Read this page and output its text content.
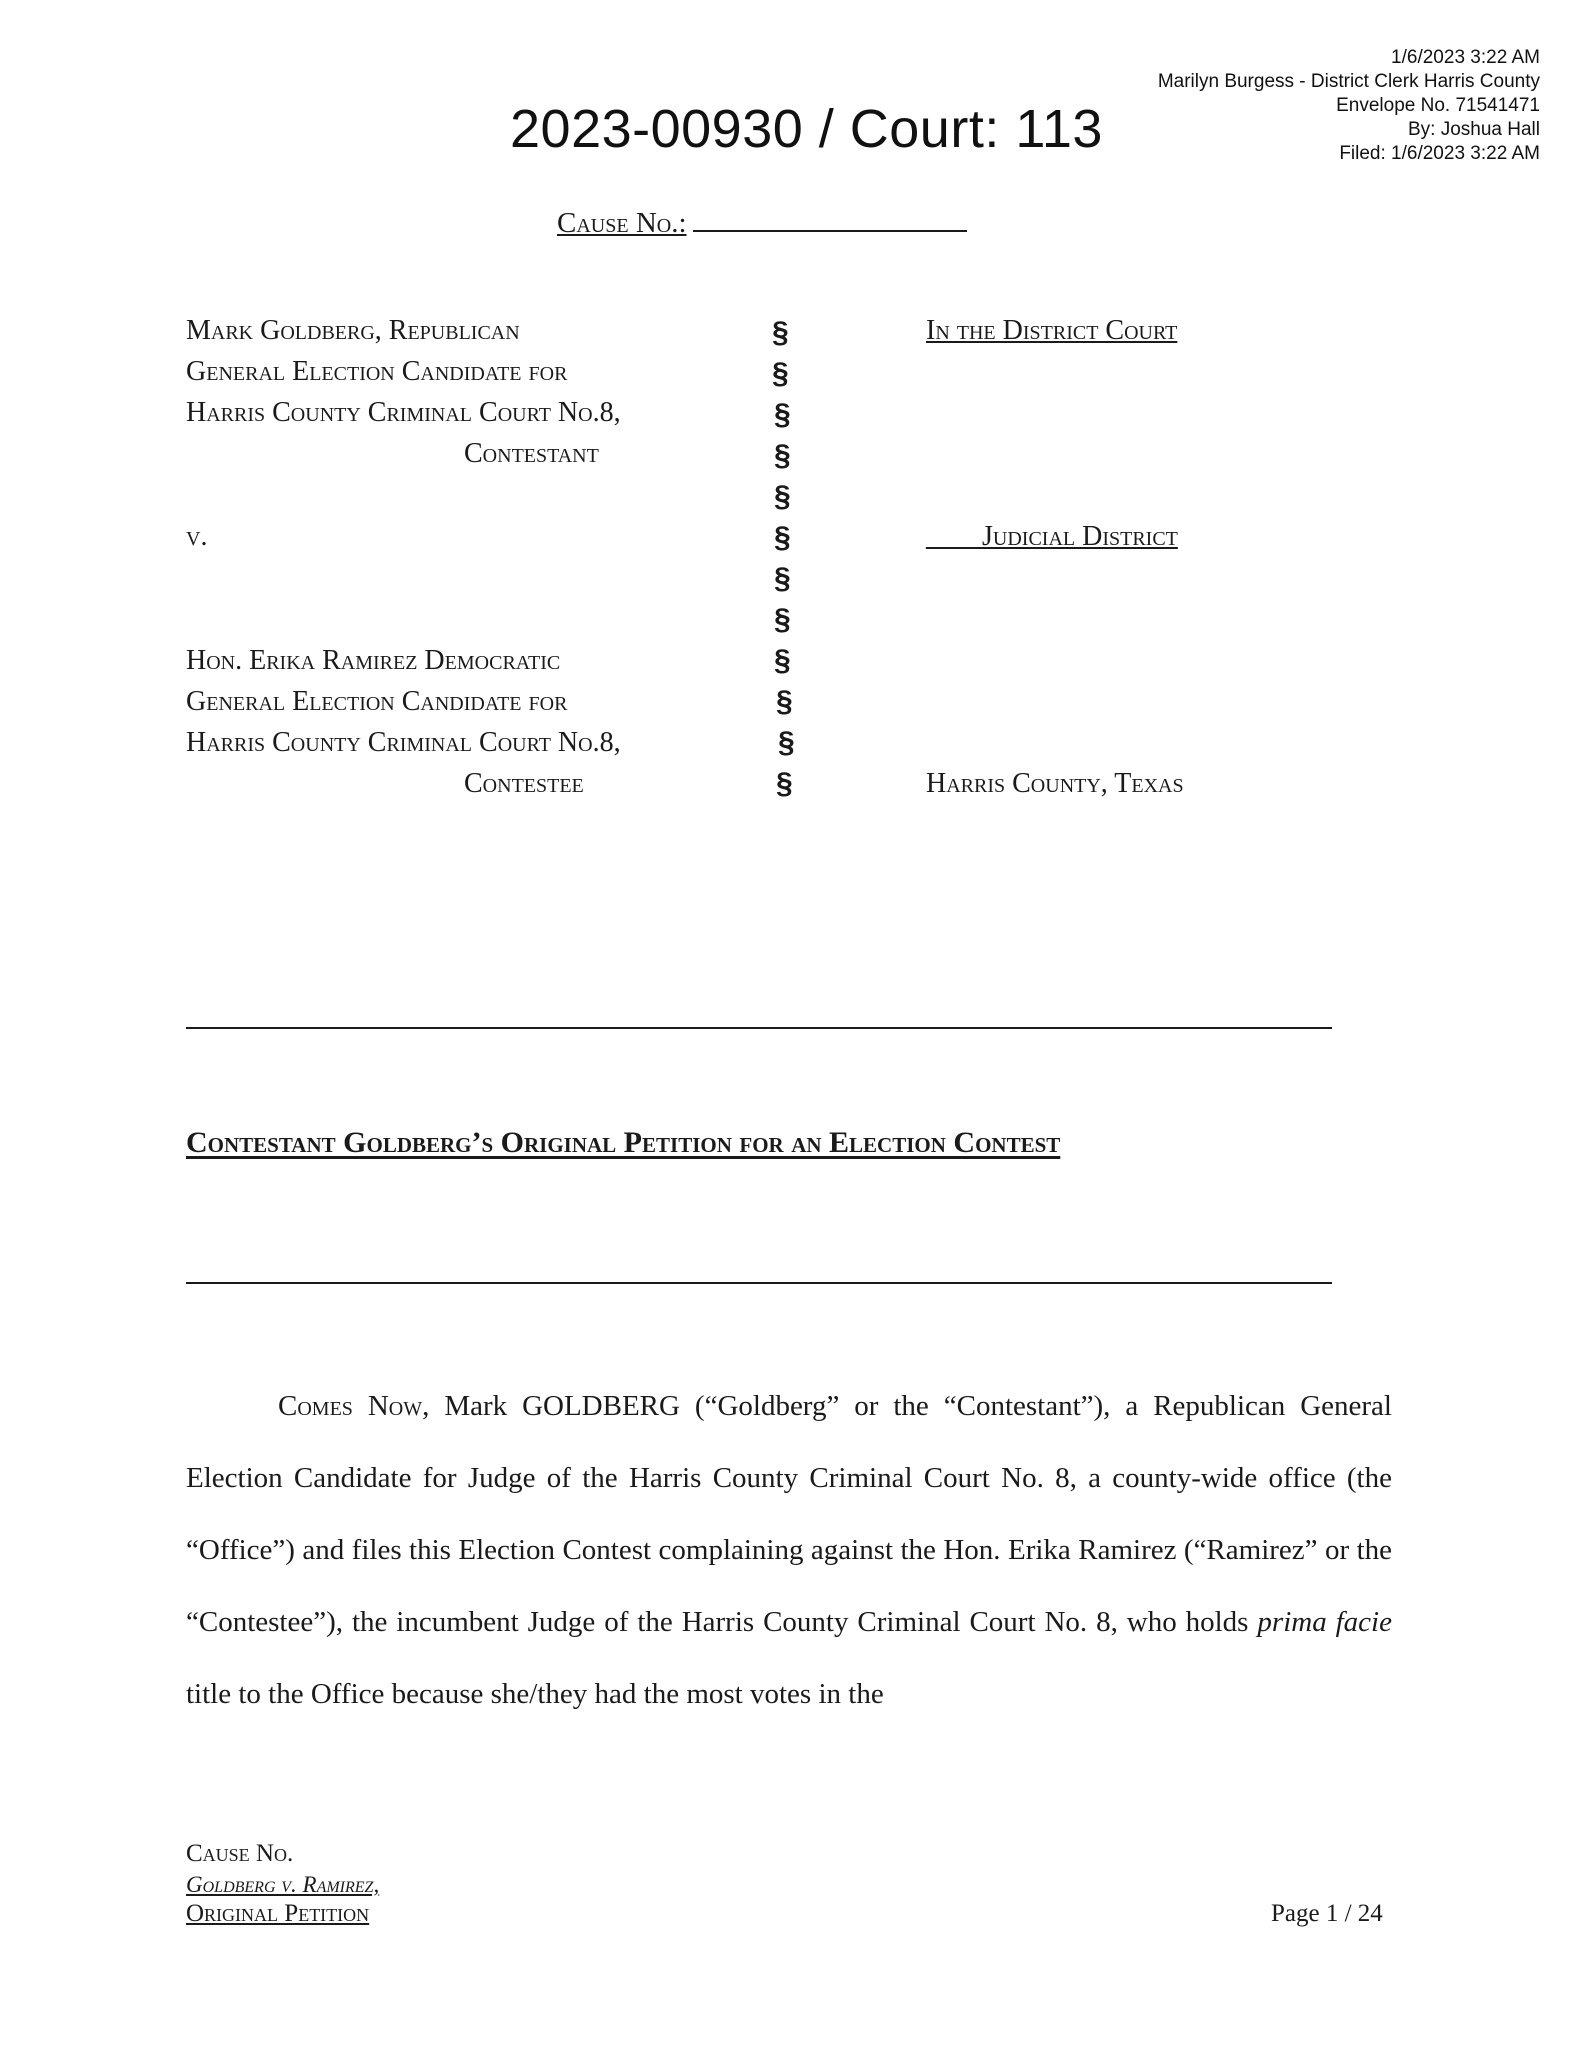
1/6/2023 3:22 AM
Marilyn Burgess - District Clerk Harris County
Envelope No. 71541471
By: Joshua Hall
Filed: 1/6/2023 3:22 AM
2023-00930 / Court: 113
Cause No.:
Mark Goldberg, Republican
General Election Candidate for
Harris County Criminal Court No.8,
Contestant
v.
Hon. Erika Ramirez Democratic
General Election Candidate for
Harris County Criminal Court No.8,
Contestee
§
§
§
§
§
§
§
§
§
§
§
§
In the District Court
____Judicial District
Harris County, Texas
Contestant Goldberg’s Original Petition for an Election Contest

Comes Now, Mark GOLDBERG (“Goldberg” or the “Contestant”), a Republican General Election Candidate for Judge of the Harris County Criminal Court No. 8, a county-wide office (the “Office”) and files this Election Contest complaining against the Hon. Erika Ramirez (“Ramirez” or the “Contestee”), the incumbent Judge of the Harris County Criminal Court No. 8, who holds prima facie title to the Office because she/they had the most votes in the

Cause No.
Goldberg v. Ramirez,
Original Petition	Page 1 / 24
